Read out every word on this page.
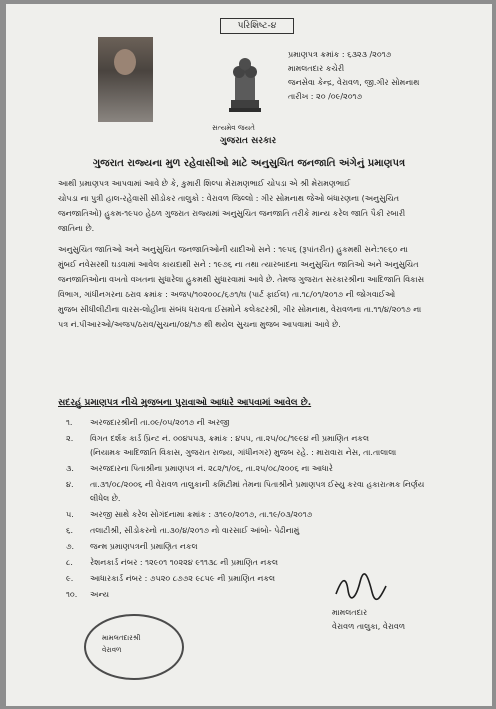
પરિશિષ્ટ-૪
સત્યમેવ જયતે
ગુજરાત સરકાર
પ્રમાણપત્ર ક્રમાંક : ૬૩૨૩ /૨૦૧૭
મામલતદાર કચેરી
જનસેવા કેન્દ્ર, વેરાવળ, જી.ગીર સોમનાથ
તારીખ : ૨૦ /૦૯/૨૦૧૭
ગુજરાત રાજ્યના મુળ રહેવાસીઓ માટે અનુસુચિત જનજાતિ અંગેનું પ્રમાણપત્ર

આથી પ્રમાણપત્ર આપવામાં આવે છે કે, કુમારી શિલ્પા મેરામણભાઈ ચોપડા એ શ્રી મેરામણભાઈ

ચોપડા ના પુત્રી હાલ-રહેવાસી સીડોકર તાલુકો : વેરાવળ જિલ્લો : ગીર સોમનાથ જેઓ બંધારણના (અનુસુચિત

જનજાતિઓ) હુકમ-૧૯૫૦ હેઠળ ગુજરાત રાજ્યમાં અનુસુચિત જનજાતિ તરીકે માન્ય કરેલ જાતિ પૈકી રબારી

જાતિના છે.

અનુસુચિત જાતિઓ અને અનુસુચિત જનજાતિઓની યાદીઓ સને : ૧૯૫૬ (રૂપાંતરીત) હુકમથી સને:૧૯૬૦ ના

મુંબઈ નવેસરથી ઘડવામાં આવેલ કાયદાથી સને : ૧૯૭૬ ના તથા ત્યારબાદના અનુસુચિત જાતિઓ અને અનુસુચિત

જનજાતિઓના વખતો વખતના સુધારેલા હુકમથી સુધારવામાં આવે છે. તેમજ ગુજરાત સરકારશ્રીના આદિજાતિ વિકાસ

વિભાગ, ગાંધીનગરના ઠરાવ ક્રમાંક : અજપ/૧૦૨૦૦૮/૬૭૧/ઘ (પાર્ટ ફાઈલ) તા.૧૮/૦૧/૨૦૧૭ ની જોગવાઈઓ

મુજબ સીધીલીટીના વારસ-લોહીના સંબંધ ધરાવતા ઈસમોને કલેક્ટરશ્રી, ગીર સોમનાથ, વેરાવળના તા.૧૧/૪/૨૦૧૭ ના

પત્ર નં.પીઆરઓ/અજપ/ઠરાવ/સુચના/૦૪/૧૭ થી થયેલ સુચના મુજબ આપવામાં આવે છે.

સદરહું પ્રમાણપત્ર નીચે મુજબના પુરાવાઓ આધારે આપવામાં આવેલ છે.
૧. અરજદારશ્રીની તા.૦૯/૦૫/૨૦૧૭ ની અરજી
૨. વિગત દર્શક કાર્ડ પ્રિન્ટ નં. ૦૦૪૫૫૩, ક્રમાંક : ૪૫૫, તા.૨૫/૦૮/૧૯૯૪ ની પ્રમાણિત નકલ
(નિયામક આદિજાતિ વિકાસ, ગુજરાત રાજ્ય, ગાંધીનગર) મુજબ રહે. : મારાવારા નેસ, તા.તાલાલા
૩. અરજદારના પિતાશ્રીના પ્રમાણપત્ર નં. ૨૮૨/૧/૦૬, તા.૨૫/૦૮/૨૦૦૬ ના આધારે
૪. તા.૩૧/૦૮/૨૦૦૬ ની વેરાવળ તાલુકાની કમિટીમાં તેમના પિતાશ્રીને પ્રમાણપત્ર ઈસ્યુ કરવા હકારાત્મક નિર્ણય
લીધેલ છે.
૫. અરજી સાથે કરેલ સોગંદનામા ક્રમાંક : ૩૧૯૦/૨૦૧૭, તા.૧૯/૦૩/૨૦૧૭
૬. તલાટીશ્રી, સીડોકરનો તા.૩૦/૪/૨૦૧૭ નો વારસાઈ આંબો- પેઢીનામું
૭. જન્મ પ્રમાણપત્રની પ્રમાણિત નકલ
૮. રેશનકાર્ડ નંબર : ૧૨૯૦૧ ૧૦૨૨૪ ૯૧૧૩૮ ની પ્રમાણિત નકલ
૯. આધારકાર્ડ નંબર : ૭૫૨૦ ૮૭૭૨ ૯૮૫૯ ની પ્રમાણિત નકલ
૧૦. અન્ય
મામલતદાર
વેરાવળ તાલુકા, વેરાવળ
મામલતદારશ્રી
વેરાવળ
